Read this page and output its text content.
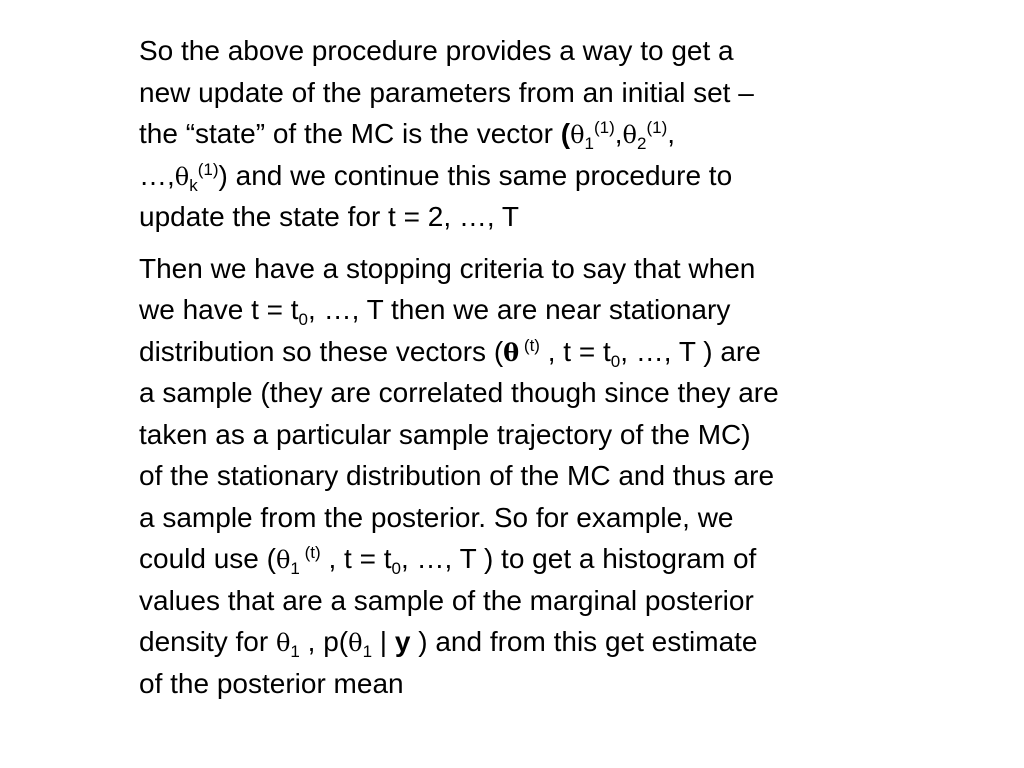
So the above procedure provides a way to get a
new update of the parameters from an initial set –
the “state” of the MC is the vector ($\theta_1^{(1)},\theta_2^{(1)}$,
$\dots,\theta_k^{(1)}$) and we continue this same procedure to
update the state for t = 2, …, T

Then we have a stopping criteria to say that when
we have $t = t_0$, …, T then we are near stationary
distribution so these vectors (θ $^{(t)}$ , $t = t_0$, …, T ) are
a sample (they are correlated though since they are
taken as a particular sample trajectory of the MC)
of the stationary distribution of the MC and thus are
a sample from the posterior. So for example, we
could use ($\theta_1$ $^{(t)}$ , $t = t_0$, …, T ) to get a histogram of
values that are a sample of the marginal posterior
density for $\theta_1$ , $p(\theta_1$ | y ) and from this get estimate
of the posterior mean
